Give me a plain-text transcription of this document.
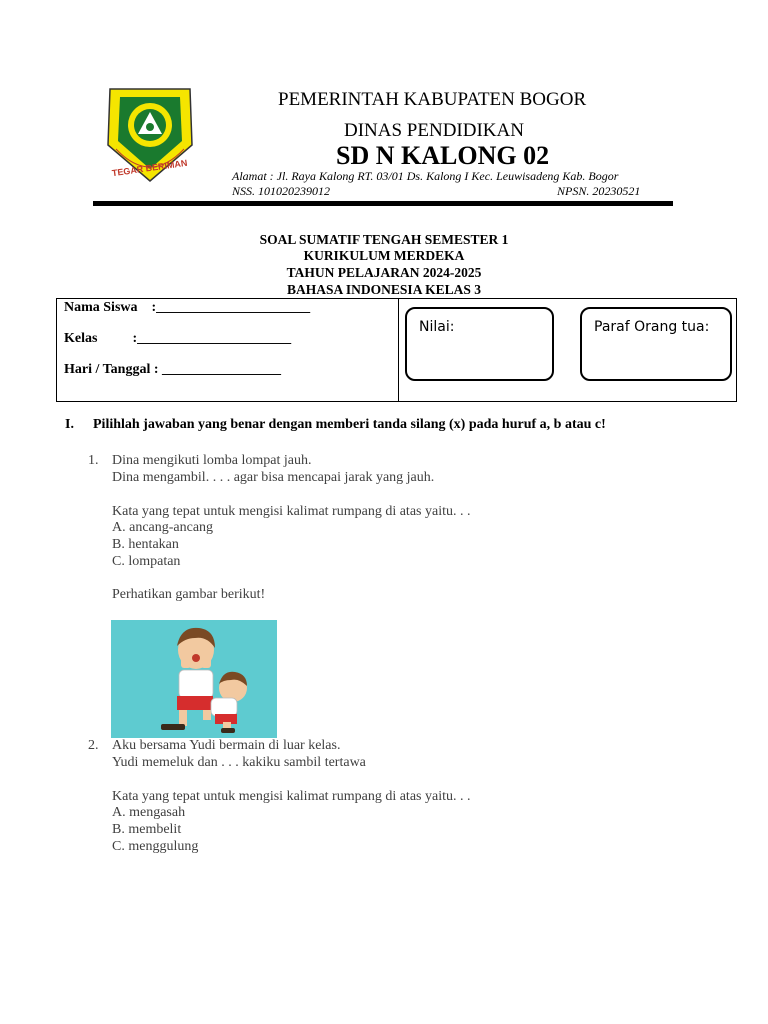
TEGAR BERIMAN
PEMERINTAH KABUPATEN BOGOR
DINAS PENDIDIKAN
SD N KALONG 02
Alamat : Jl. Raya Kalong RT. 03/01 Ds. Kalong I Kec. Leuwisadeng Kab. Bogor
NSS. 101020239012	NPSN. 20230521
SOAL SUMATIF TENGAH SEMESTER 1
KURIKULUM MERDEKA
TAHUN PELAJARAN 2024-2025
BAHASA INDONESIA KELAS 3
Nama Siswa    :______________________
Kelas          :______________________
Hari / Tanggal : _________________
Nilai:	Paraf Orang tua:
I. Pilihlah jawaban yang benar dengan memberi tanda silang (x) pada huruf a, b atau c!
1. Dina mengikuti lomba lompat jauh.
Dina mengambil. . . . agar bisa mencapai jarak yang jauh.
Kata yang tepat untuk mengisi kalimat rumpang di atas yaitu. . .
A. ancang-ancang
B. hentakan
C. lompatan
Perhatikan gambar berikut!
2. Aku bersama Yudi bermain di luar kelas.
Yudi memeluk dan . . . kakiku sambil tertawa
Kata yang tepat untuk mengisi kalimat rumpang di atas yaitu. . .
A. mengasah
B. membelit
C. menggulung
